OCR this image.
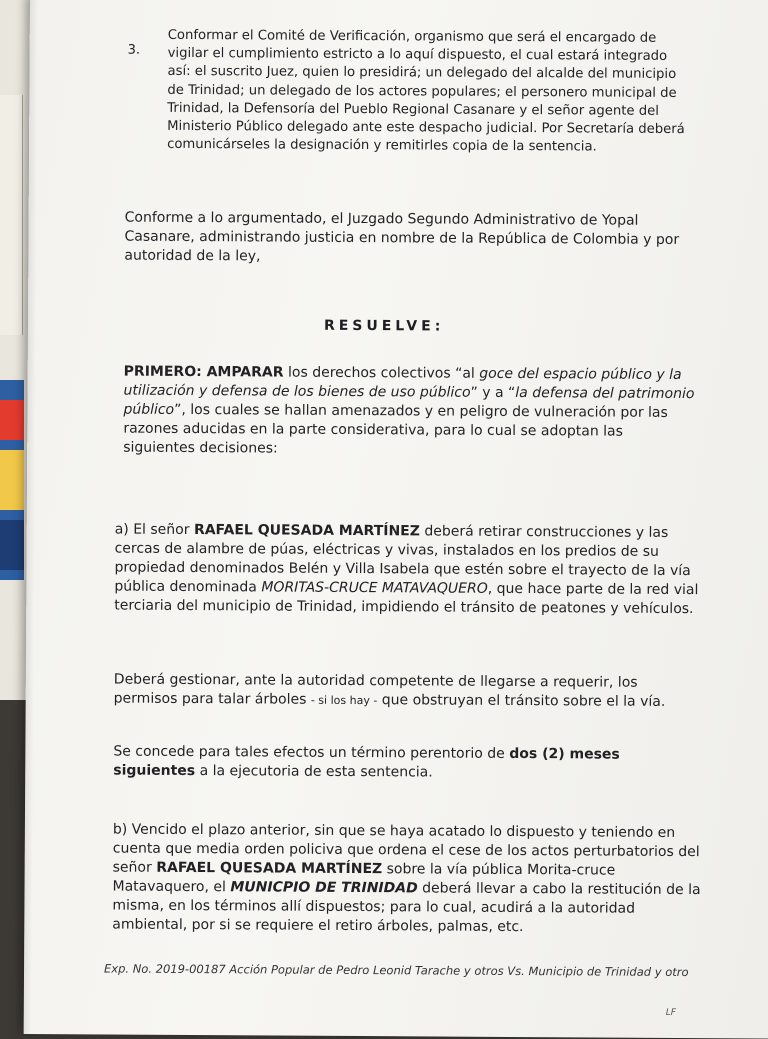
3.
Conformar el Comité de Verificación, organismo que será el encargado de vigilar el cumplimiento estricto a lo aquí dispuesto, el cual estará integrado así: el suscrito Juez, quien lo presidirá; un delegado del alcalde del municipio de Trinidad; un delegado de los actores populares; el personero municipal de Trinidad, la Defensoría del Pueblo Regional Casanare y el señor agente del Ministerio Público delegado ante este despacho judicial. Por Secretaría deberá comunicárseles la designación y remitirles copia de la sentencia.
Conforme a lo argumentado, el Juzgado Segundo Administrativo de Yopal Casanare, administrando justicia en nombre de la República de Colombia y por autoridad de la ley,
RESUELVE:
PRIMERO: AMPARAR los derechos colectivos “al goce del espacio público y la utilización y defensa de los bienes de uso público” y a “la defensa del patrimonio público”, los cuales se hallan amenazados y en peligro de vulneración por las razones aducidas en la parte considerativa, para lo cual se adoptan las siguientes decisiones:
a) El señor RAFAEL QUESADA MARTÍNEZ deberá retirar construcciones y las cercas de alambre de púas, eléctricas y vivas, instalados en los predios de su propiedad denominados Belén y Villa Isabela que estén sobre el trayecto de la vía pública denominada MORITAS-CRUCE MATAVAQUERO, que hace parte de la red vial terciaria del municipio de Trinidad, impidiendo el tránsito de peatones y vehículos.
Deberá gestionar, ante la autoridad competente de llegarse a requerir, los permisos para talar árboles - si los hay - que obstruyan el tránsito sobre el la vía.
Se concede para tales efectos un término perentorio de dos (2) meses siguientes a la ejecutoria de esta sentencia.
b) Vencido el plazo anterior, sin que se haya acatado lo dispuesto y teniendo en cuenta que media orden policiva que ordena el cese de los actos perturbatorios del señor RAFAEL QUESADA MARTÍNEZ sobre la vía pública Morita-cruce Matavaquero, el MUNICPIO DE TRINIDAD deberá llevar a cabo la restitución de la misma, en los términos allí dispuestos; para lo cual, acudirá a la autoridad ambiental, por si se requiere el retiro árboles, palmas, etc.
Exp. No. 2019-00187 Acción Popular de Pedro Leonid Tarache y otros Vs. Municipio de Trinidad y otro
LF
